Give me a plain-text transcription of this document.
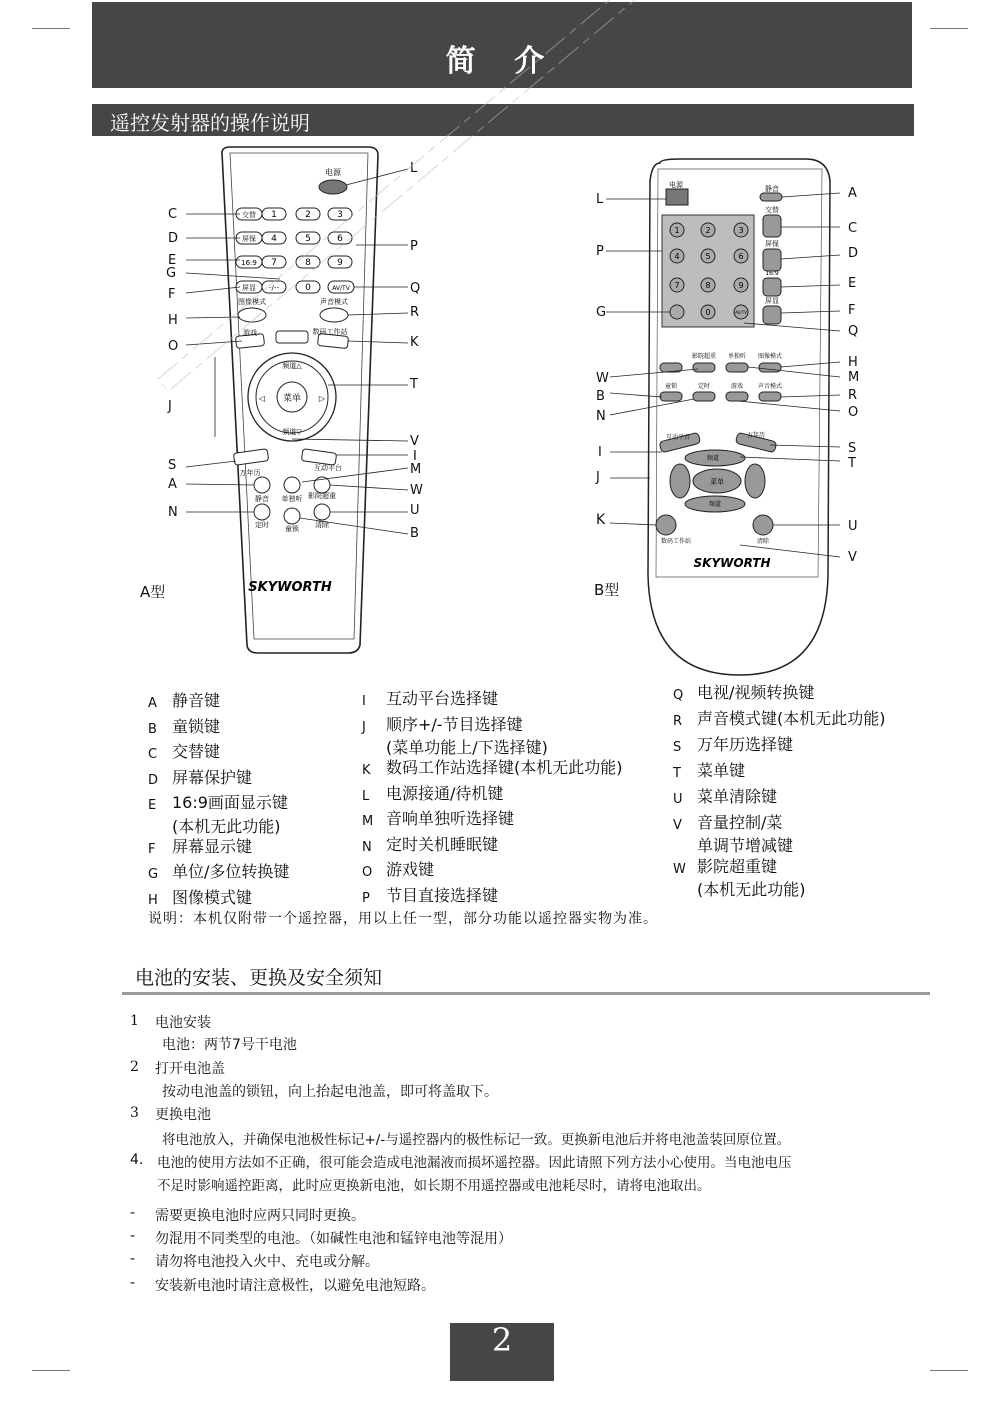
简 介
遥控发射器的操作说明
电源
交替
屏保
16:9
屏显
1	2	3
4	5	6
7	8	9
-/--	0	AV/TV
图像模式	声音模式
游戏	数码工作站
频道△
频道▽
菜单
◁	▷
万年历
互动平台
静音 单独听 影院超重
定时 童锁 清除
SKYWORTH
C
D
E
G
F
H
O
J
S
A
N
L
P
Q
R
K
T
V
I
M
W
U
B
A型
电源	静音
交替
屏保
16:9
屏显
1	2	3
4	5	6
7	8	9
0	AV/TV
影院超重 单独听 图像模式
童锁	定时	游戏 声音模式
互动平台	万年历
频道
菜单
频道
数码工作站	清除
SKYWORTH
L
P
G
W
B
N
I
J
K
A
C
D
E
F
Q
H
M
R
O
S
T
U
V
B型
A 静音键
B 童锁键
C 交替键
D 屏幕保护键
E 16:9画面显示键
(本机无此功能)
F	屏幕显示键
G 单位/多位转换键
H 图像模式键
I	互动平台选择键
J	顺序+/-节目选择键
(菜单功能上/下选择键)
K 数码工作站选择键(本机无此功能)
L	电源接通/待机键
M 音响单独听选择键
N 定时关机睡眠键
O 游戏键
P	节目直接选择键
Q 电视/视频转换键
R 声音模式键(本机无此功能)
S 万年历选择键
T	菜单键
U 菜单清除键
V 音量控制/菜
单调节增减键
W 影院超重键
(本机无此功能)
说明：本机仅附带一个遥控器，用以上任一型，部分功能以遥控器实物为准。
电池的安装、更换及安全须知
1 电池安装
电池：两节7号干电池
2 打开电池盖
按动电池盖的锁钮，向上抬起电池盖，即可将盖取下。
3 更换电池
将电池放入，并确保电池极性标记+/-与遥控器内的极性标记一致。更换新电池后并将电池盖装回原位置。
4. 电池的使用方法如不正确，很可能会造成电池漏液而损坏遥控器。因此请照下列方法小心使用。当电池电压
不足时影响遥控距离，此时应更换新电池，如长期不用遥控器或电池耗尽时，请将电池取出。
- 需要更换电池时应两只同时更换。
- 勿混用不同类型的电池。（如碱性电池和锰锌电池等混用）
- 请勿将电池投入火中、充电或分解。
- 安装新电池时请注意极性，以避免电池短路。
2
